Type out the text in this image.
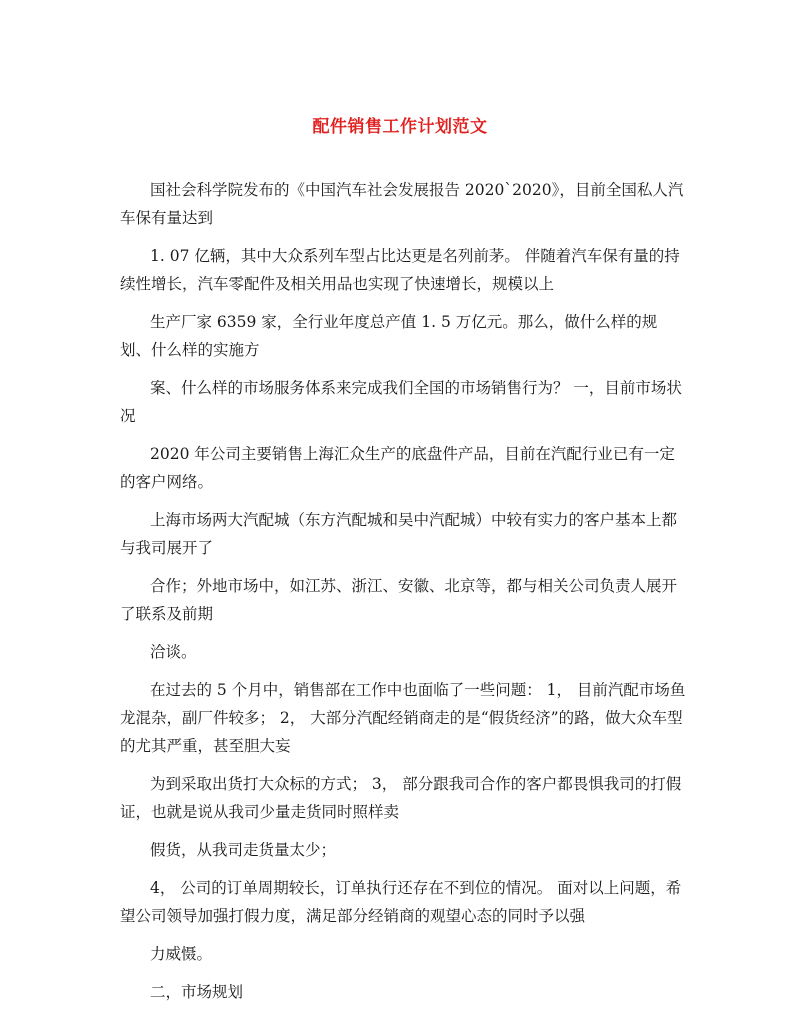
配件销售工作计划范文

国社会科学院发布的《中国汽车社会发展报告 2020`2020》，目前全国私人汽车保有量达到

1. 07 亿辆，其中大众系列车型占比达更是名列前茅。 伴随着汽车保有量的持续性增长，汽车零配件及相关用品也实现了快速增长，规模以上

生产厂家 6359 家，全行业年度总产值 1. 5 万亿元。那么，做什么样的规划、什么样的实施方

案、什么样的市场服务体系来完成我们全国的市场销售行为？ 一，目前市场状况

2020 年公司主要销售上海汇众生产的底盘件产品，目前在汽配行业已有一定的客户网络。

上海市场两大汽配城（东方汽配城和吴中汽配城）中较有实力的客户基本上都与我司展开了

合作；外地市场中，如江苏、浙江、安徽、北京等，都与相关公司负责人展开了联系及前期

洽谈。

在过去的 5 个月中，销售部在工作中也面临了一些问题： 1， 目前汽配市场鱼龙混杂，副厂件较多； 2， 大部分汽配经销商走的是“假货经济”的路，做大众车型的尤其严重，甚至胆大妄

为到采取出货打大众标的方式； 3， 部分跟我司合作的客户都畏惧我司的打假证，也就是说从我司少量走货同时照样卖

假货，从我司走货量太少；

4， 公司的订单周期较长，订单执行还存在不到位的情况。 面对以上问题，希望公司领导加强打假力度，满足部分经销商的观望心态的同时予以强

力威慑。

二，市场规划
